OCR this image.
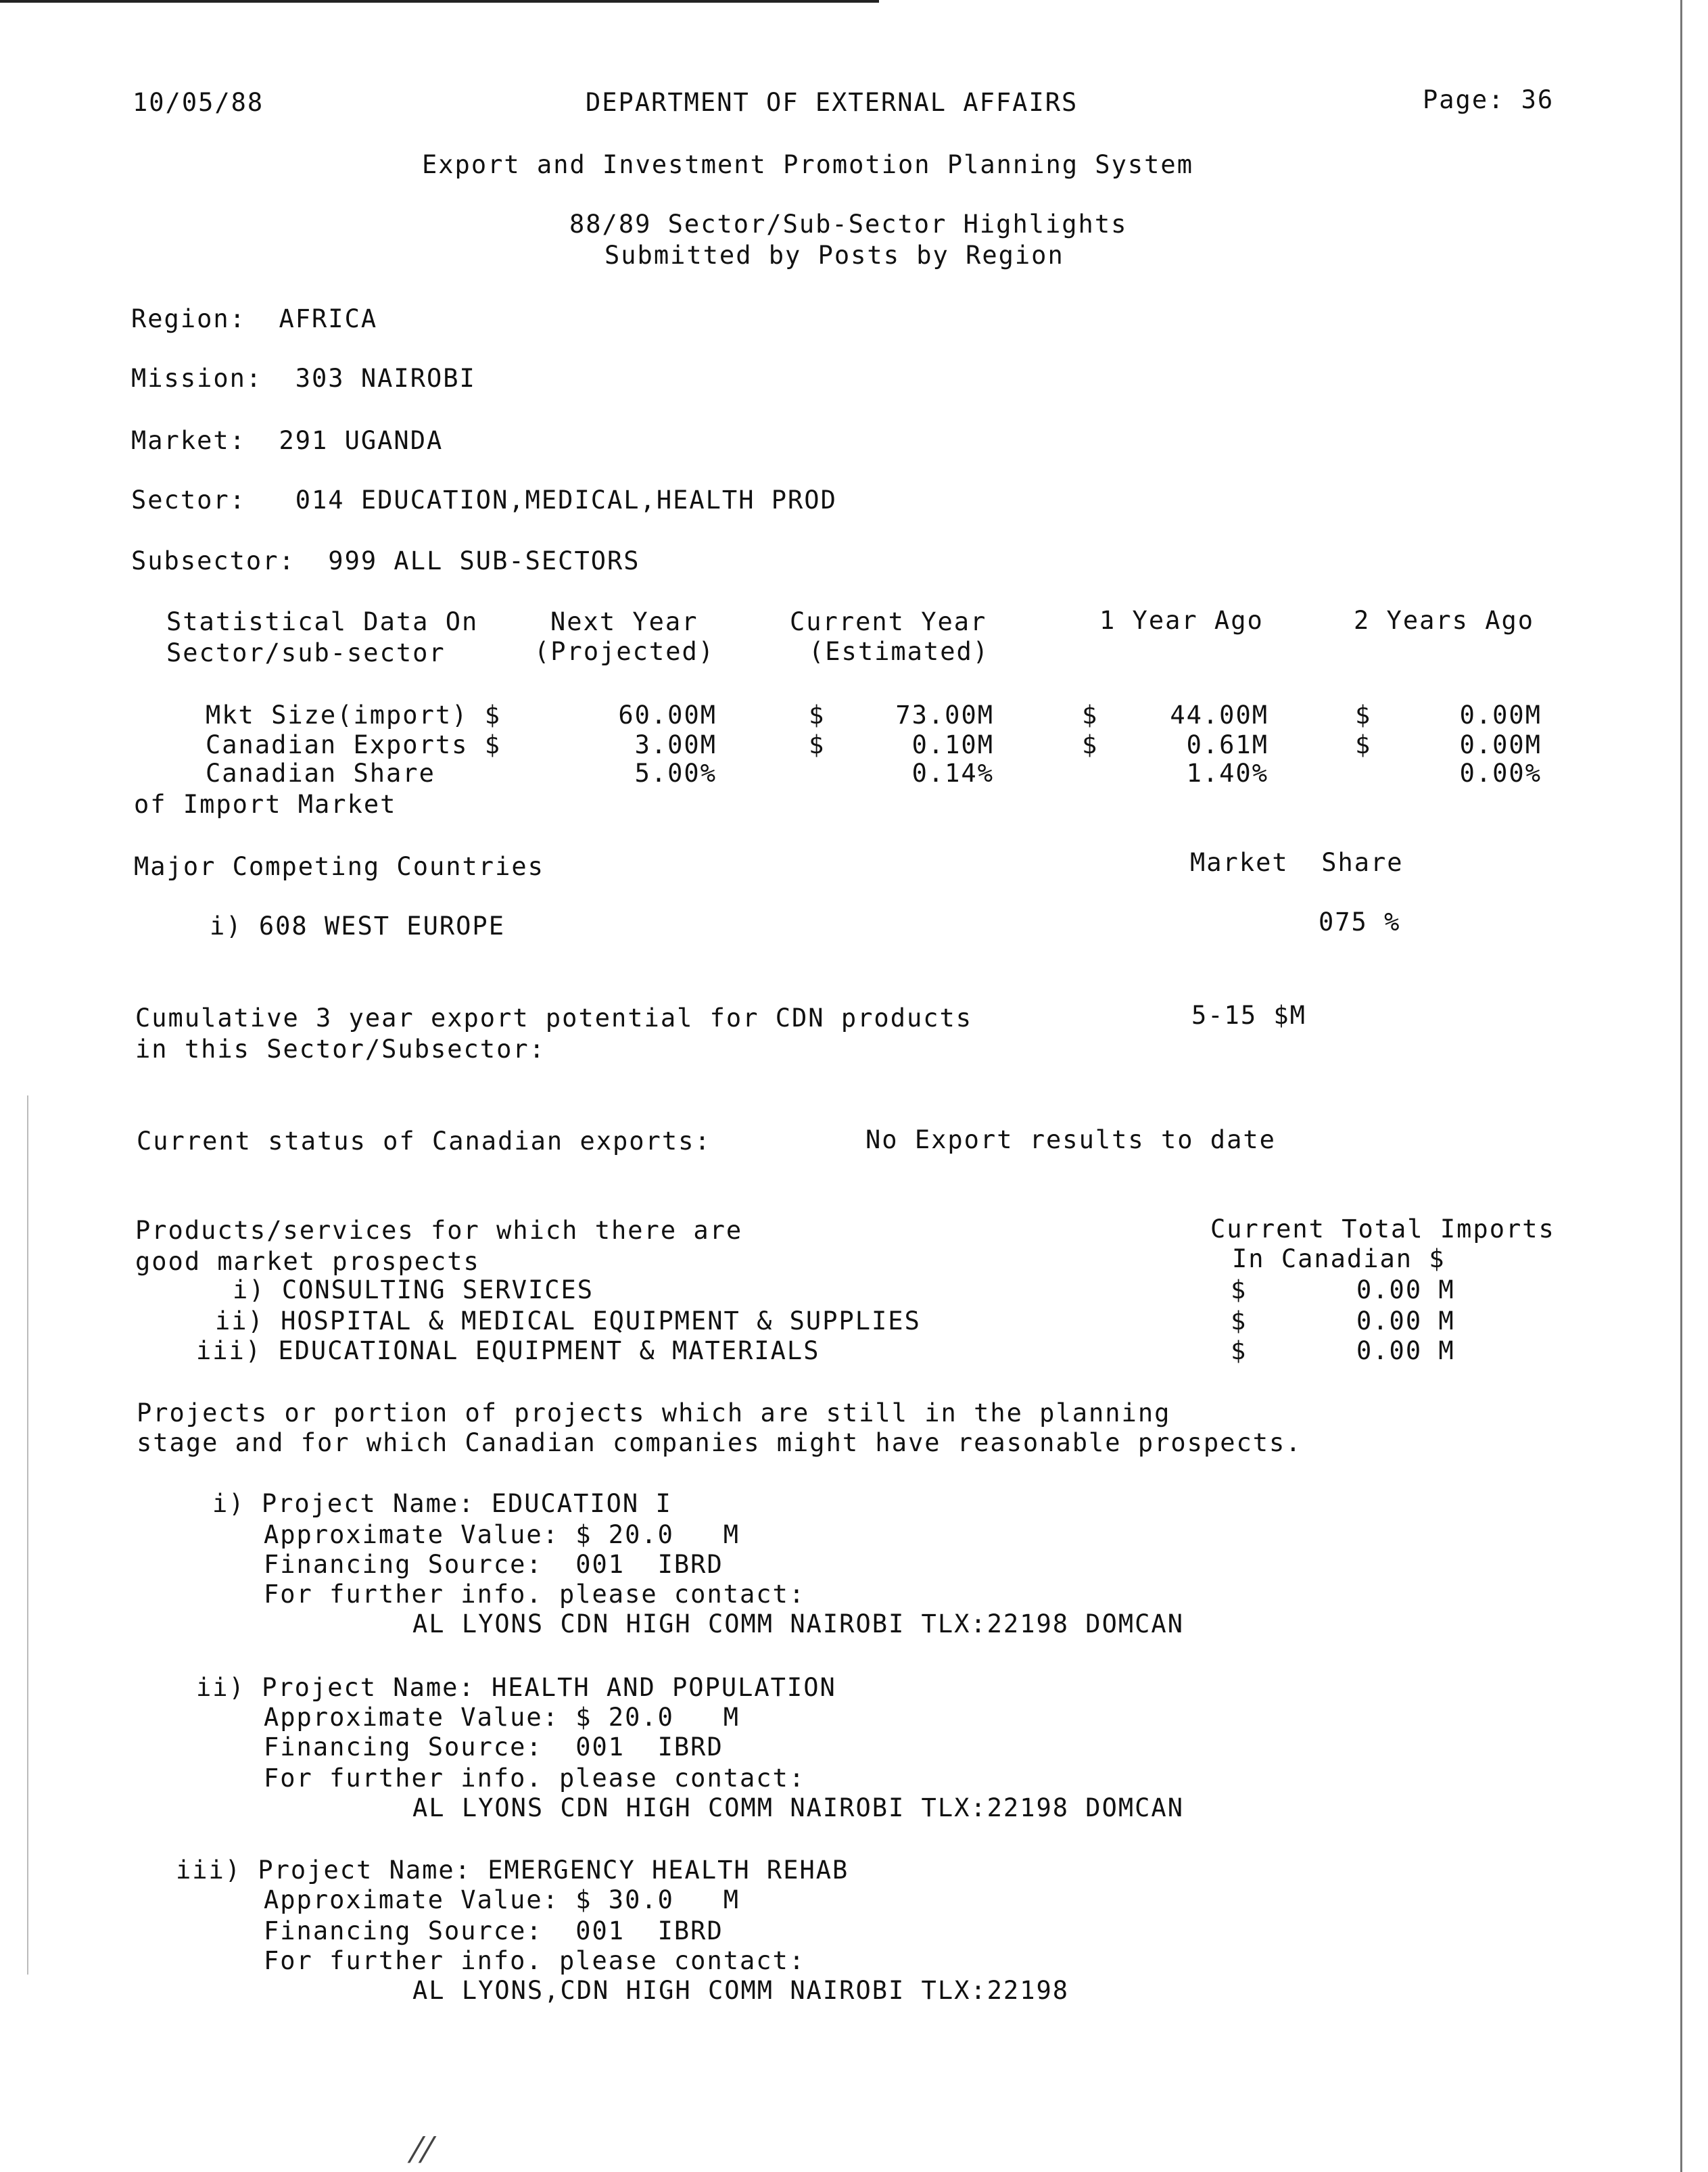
10/05/88	DEPARTMENT OF EXTERNAL AFFAIRS	Page: 36
Export and Investment Promotion Planning System
88/89 Sector/Sub-Sector Highlights
Submitted by Posts by Region
Region:  AFRICA
Mission:  303 NAIROBI
Market:  291 UGANDA
Sector:   014 EDUCATION,MEDICAL,HEALTH PROD
Subsector:  999 ALL SUB-SECTORS
Statistical Data On
Sector/sub-sector
Next Year
(Projected)
Current Year
(Estimated)
1 Year Ago	2 Years Ago
Mkt Size(import) $	60.00M	$	73.00M	$	44.00M	$	0.00M
Canadian Exports $	3.00M	$	0.10M	$	0.61M	$	0.00M
Canadian Share	5.00%	0.14%	1.40%	0.00%
of Import Market
Major Competing Countries	Market  Share
i) 608 WEST EUROPE	075 %
Cumulative 3 year export potential for CDN products
in this Sector/Subsector:
5-15 $M
Current status of Canadian exports:	No Export results to date
Products/services for which there are
good market prospects
Current Total Imports
In Canadian $
i) CONSULTING SERVICES	$	0.00 M
ii) HOSPITAL & MEDICAL EQUIPMENT & SUPPLIES	$	0.00 M
iii) EDUCATIONAL EQUIPMENT & MATERIALS	$	0.00 M
Projects or portion of projects which are still in the planning
stage and for which Canadian companies might have reasonable prospects.
i) Project Name: EDUCATION I
Approximate Value: $ 20.0   M
Financing Source:  001  IBRD
For further info. please contact:
AL LYONS CDN HIGH COMM NAIROBI TLX:22198 DOMCAN
ii) Project Name: HEALTH AND POPULATION
Approximate Value: $ 20.0   M
Financing Source:  001  IBRD
For further info. please contact:
AL LYONS CDN HIGH COMM NAIROBI TLX:22198 DOMCAN
iii) Project Name: EMERGENCY HEALTH REHAB
Approximate Value: $ 30.0   M
Financing Source:  001  IBRD
For further info. please contact:
AL LYONS,CDN HIGH COMM NAIROBI TLX:22198
//
